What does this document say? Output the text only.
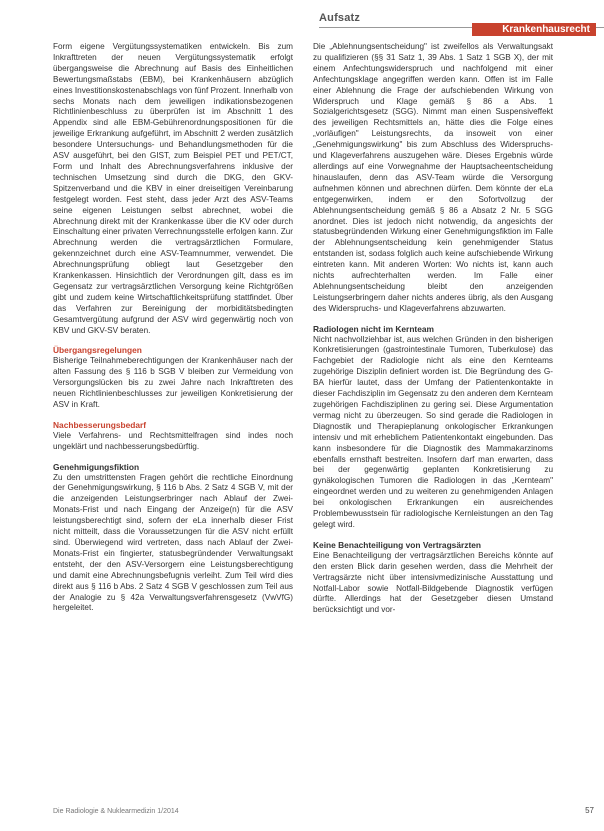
Aufsatz
Krankenhausrecht

Form eigene Vergütungssystematiken entwickeln. Bis zum Inkrafttreten der neuen Vergütungssystematik erfolgt übergangsweise die Abrechnung auf Basis des Einheitlichen Bewertungsmaßstabs (EBM), bei Krankenhäusern abzüglich eines Investitionskostenabschlags von fünf Prozent. Innerhalb von sechs Monats nach dem jeweiligen indikationsbezogenen Richtlinienbeschluss zu überprüfen ist im Abschnitt 1 des Appendix sind alle EBM-Gebührenordnungspositionen für die jeweilige Erkrankung aufgeführt, im Abschnitt 2 werden zusätzlich besondere Untersuchungs- und Behandlungsmethoden für die ASV ausgeführt, bei den GIST, zum Beispiel PET und PET/CT, Form und Inhalt des Abrechnungsverfahrens inklusive der technischen Umsetzung sind durch die DKG, den GKV-Spitzenverband und die KBV in einer dreiseitigen Vereinbarung festgelegt worden. Fest steht, dass jeder Arzt des ASV-Teams seine eigenen Leistungen selbst abrechnet, wobei die Abrechnung direkt mit der Krankenkasse über die KV oder durch Einschaltung einer privaten Verrechnungsstelle erfolgen kann. Zur Abrechnung werden die vertragsärztlichen Formulare, gekennzeichnet durch eine ASV-Teamnummer, verwendet. Die Abrechnungsprüfung obliegt laut Gesetzgeber den Krankenkassen. Hinsichtlich der Verordnungen gilt, dass es im Gegensatz zur vertragsärztlichen Versorgung keine Richtgrößen gibt und zudem keine Wirtschaftlichkeitsprüfung stattfindet. Über das Verfahren zur Bereinigung der morbiditätsbedingten Gesamtvergütung aufgrund der ASV wird gegenwärtig noch von KBV und GKV-SV beraten.

Übergangsregelungen

Bisherige Teilnahmeberechtigungen der Krankenhäuser nach der alten Fassung des § 116 b SGB V bleiben zur Vermeidung von Versorgungslücken bis zu zwei Jahre nach Inkrafttreten des neuen Richtlinienbeschlusses zur jeweiligen Konkretisierung der ASV in Kraft.

Nachbesserungsbedarf

Viele Verfahrens- und Rechtsmittelfragen sind indes noch ungeklärt und nachbesserungsbedürftig.

Genehmigungsfiktion

Zu den umstrittensten Fragen gehört die rechtliche Einordnung der Genehmigungswirkung, § 116 b Abs. 2 Satz 4 SGB V, mit der die anzeigenden Leistungserbringer nach Ablauf der Zwei-Monats-Frist und nach Eingang der Anzeige(n) für die ASV leistungsberechtigt sind, sofern der eLa innerhalb dieser Frist nicht mitteilt, dass die Voraussetzungen für die ASV nicht erfüllt sind. Überwiegend wird vertreten, dass nach Ablauf der Zwei-Monats-Frist ein fingierter, statusbegründender Verwaltungsakt entsteht, der den ASV-Versorgern eine Leistungsberechtigung und damit eine Abrechnungsbefugnis verleiht. Zum Teil wird dies direkt aus § 116 b Abs. 2 Satz 4 SGB V geschlossen zum Teil aus der Analogie zu § 42a Verwaltungsverfahrensgesetz (VwVfG) hergeleitet.

Die „Ablehnungsentscheidung" ist zweifellos als Verwaltungsakt zu qualifizieren (§§ 31 Satz 1, 39 Abs. 1 Satz 1 SGB X), der mit einem Anfechtungswiderspruch und nachfolgend mit einer Anfechtungsklage angegriffen werden kann. Offen ist im Falle einer Ablehnung die Frage der aufschiebenden Wirkung von Widerspruch und Klage gemäß § 86 a Abs. 1 Sozialgerichtsgesetz (SGG). Nimmt man einen Suspensiveffekt des jeweiligen Rechtsmittels an, hätte dies die Folge eines „vorläufigen" Leistungsrechts, da insoweit von einer „Genehmigungswirkung" bis zum Abschluss des Widerspruchs- und Klageverfahrens auszugehen wäre. Dieses Ergebnis würde allerdings auf eine Vorwegnahme der Hauptsacheentscheidung hinauslaufen, denn das ASV-Team würde die Versorgung aufnehmen können und abrechnen dürfen. Dem könnte der eLa entgegenwirken, indem er den Sofortvollzug der Ablehnungsentscheidung gemäß § 86 a Absatz 2 Nr. 5 SGG anordnet. Dies ist jedoch nicht notwendig, da angesichts der statusbegründenden Wirkung einer Genehmigungsfiktion im Falle der Ablehnungsentscheidung kein genehmigender Status entstanden ist, sodass folglich auch keine aufschiebende Wirkung eintreten kann. Mit anderen Worten: Wo nichts ist, kann auch nichts aufrechterhalten werden. Im Falle einer Ablehnungsentscheidung bleibt den anzeigenden Leistungserbringern daher nichts anderes übrig, als den Ausgang des Widerspruchs- und Klageverfahrens abzuwarten.

Radiologen nicht im Kernteam

Nicht nachvollziehbar ist, aus welchen Gründen in den bisherigen Konkretisierungen (gastrointestinale Tumoren, Tuberkulose) das Fachgebiet der Radiologie nicht als eine den Kernteams zugehörige Disziplin definiert worden ist. Die Begründung des G-BA hierfür lautet, dass der Umfang der Patientenkontakte in dieser Fachdisziplin im Gegensatz zu den anderen dem Kernteam zugehörigen Fachdisziplinen zu gering sei. Diese Argumentation vermag nicht zu überzeugen. So sind gerade die Radiologen in Diagnostik und Therapieplanung onkologischer Erkrankungen intensiv und mit erheblichem Patientenkontakt eingebunden. Das kann insbesondere für die Diagnostik des Mammakarzinoms ebenfalls ernsthaft bestreiten. Insofern darf man erwarten, dass bei der gegenwärtig geplanten Konkretisierung zu gynäkologischen Tumoren die Radiologen in das „Kernteam" eingeordnet werden und zu weiteren zu genehmigenden Anlagen bei onkologischen Erkrankungen ein ausreichendes Problembewusstsein für radiologische Kernleistungen an den Tag gelegt wird.

Keine Benachteiligung von Vertragsärzten

Eine Benachteiligung der vertragsärztlichen Bereichs könnte auf den ersten Blick darin gesehen werden, dass die Mehrheit der Vertragsärzte nicht über intensivmedizinische Ausstattung und Notfall-Labor sowie Notfall-Bildgebende Diagnostik verfügen dürfte. Allerdings hat der Gesetzgeber diesen Umstand berücksichtigt und vor-

Die Radiologie & Nuklearmedizin 1/2014	57
